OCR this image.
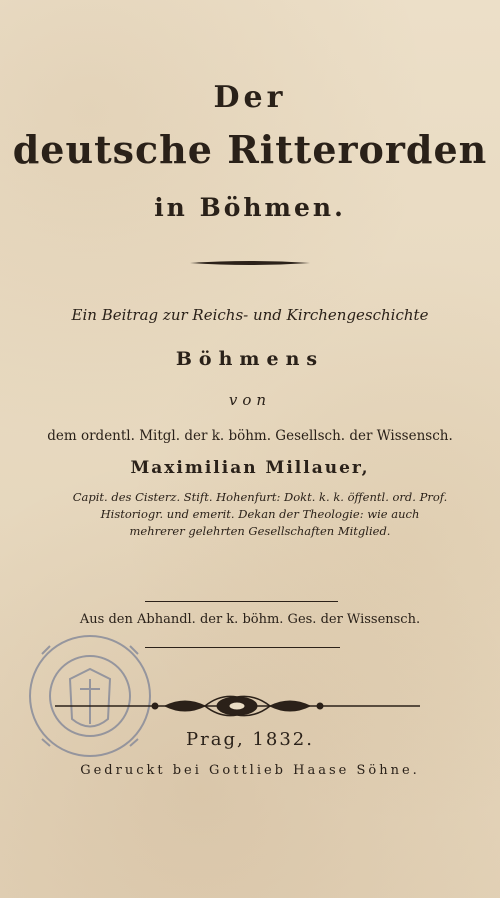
Der
deutsche Ritterorden
in Böhmen.
Ein Beitrag zur Reichs- und Kirchengeschichte
Böhmens
von
dem ordentl. Mitgl. der k. böhm. Gesellsch. der Wissensch.
Maximilian Millauer,
Capit. des Cisterz. Stift. Hohenfurt: Dokt. k. k. öffentl. ord. Prof.
Historiogr. und emerit. Dekan der Theologie: wie auch
mehrerer gelehrten Gesellschaften Mitglied.
Aus den Abhandl. der k. böhm. Ges. der Wissensch.
Prag, 1832.
Gedruckt bei Gottlieb Haase Söhne.
